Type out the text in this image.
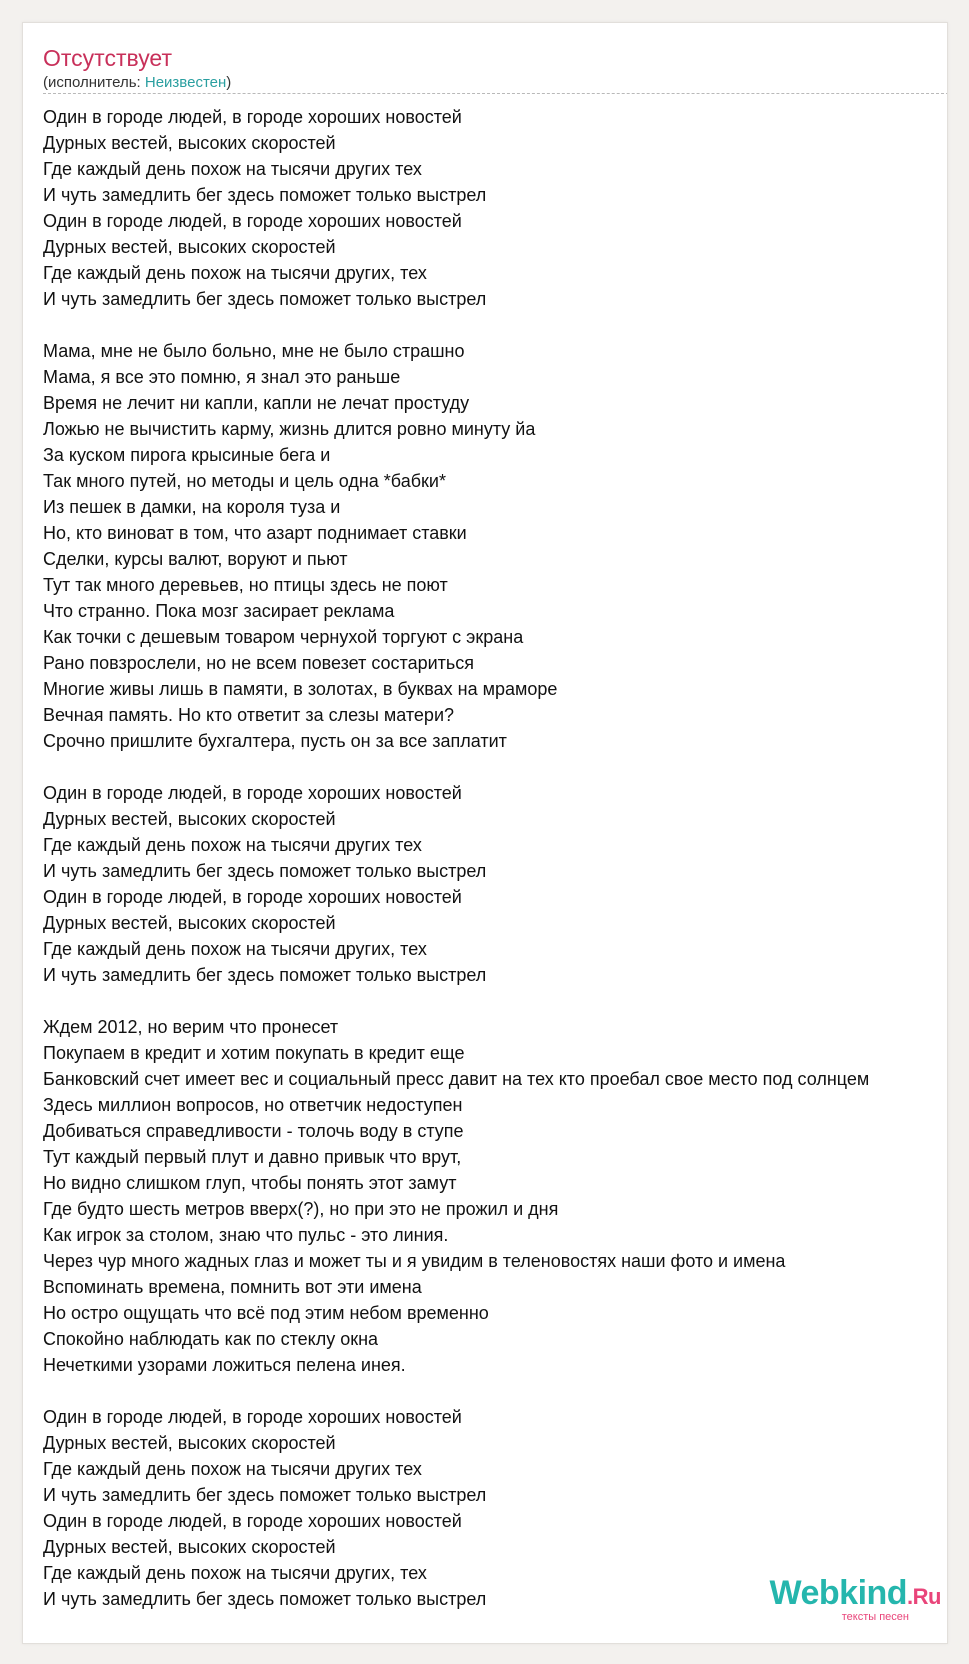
Отсутствует
(исполнитель: Неизвестен)
Один в городе людей, в городе хороших новостей
Дурных вестей, высоких скоростей
Где каждый день похож на тысячи других тех
И чуть замедлить бег здесь поможет только выстрел
Один в городе людей, в городе хороших новостей
Дурных вестей, высоких скоростей
Где каждый день похож на тысячи других, тех
И чуть замедлить бег здесь поможет только выстрел
Мама, мне не было больно, мне не было страшно
Мама, я все это помню, я знал это раньше
Время не лечит ни капли, капли не лечат простуду
Ложью не вычистить карму, жизнь длится ровно минуту йа
За куском пирога крысиные бега и
Так много путей, но методы и цель одна *бабки*
Из пешек в дамки, на короля туза и
Но, кто виноват в том, что азарт поднимает ставки
Сделки, курсы валют, воруют и пьют
Тут так много деревьев, но птицы здесь не поют
Что странно. Пока мозг засирает реклама
Как точки с дешевым товаром чернухой торгуют с экрана
Рано повзрослели, но не всем повезет состариться
Многие живы лишь в памяти, в золотах, в буквах на мраморе
Вечная память. Но кто ответит за слезы матери?
Срочно пришлите бухгалтера, пусть он за все заплатит
Один в городе людей, в городе хороших новостей
Дурных вестей, высоких скоростей
Где каждый день похож на тысячи других тех
И чуть замедлить бег здесь поможет только выстрел
Один в городе людей, в городе хороших новостей
Дурных вестей, высоких скоростей
Где каждый день похож на тысячи других, тех
И чуть замедлить бег здесь поможет только выстрел
Ждем 2012, но верим что пронесет
Покупаем в кредит и хотим покупать в кредит еще
Банковский счет имеет вес и социальный пресс давит на тех кто проебал свое место под солнцем
Здесь миллион вопросов, но ответчик недоступен
Добиваться справедливости - толочь воду в ступе
Тут каждый первый плут и давно привык что врут,
Но видно слишком глуп, чтобы понять этот замут
Где будто шесть метров вверх(?), но при это не прожил и дня
Как игрок за столом, знаю что пульс - это линия.
Через чур много жадных глаз и может ты и я увидим в теленовостях наши фото и имена
Вспоминать времена, помнить вот эти имена
Но остро ощущать что всё под этим небом временно
Спокойно наблюдать как по стеклу окна
Нечеткими узорами ложиться пелена инея.
Один в городе людей, в городе хороших новостей
Дурных вестей, высоких скоростей
Где каждый день похож на тысячи других тех
И чуть замедлить бег здесь поможет только выстрел
Один в городе людей, в городе хороших новостей
Дурных вестей, высоких скоростей
Где каждый день похож на тысячи других, тех
И чуть замедлить бег здесь поможет только выстрел	Webkind.Ru
тексты песен
